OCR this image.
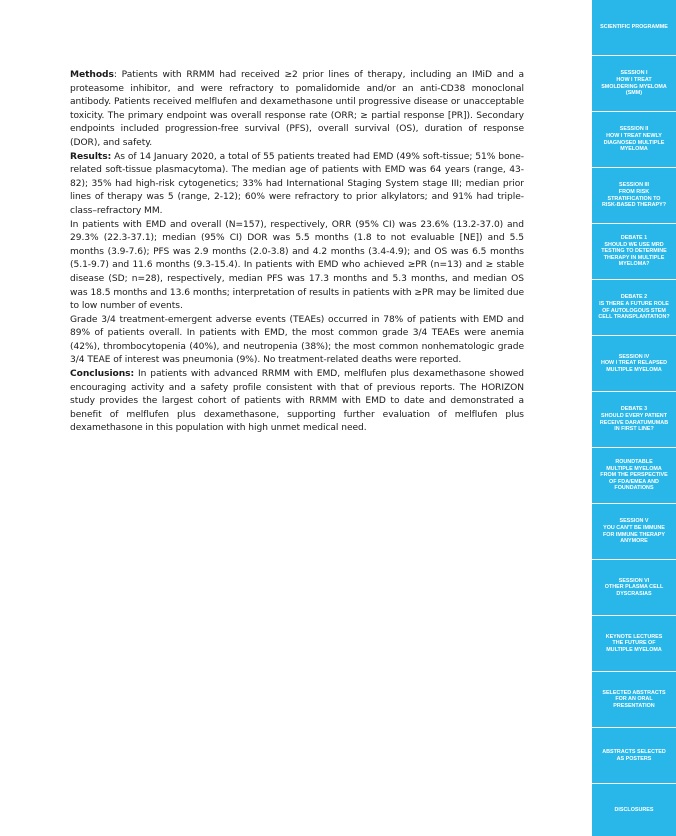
Methods: Patients with RRMM had received ≥2 prior lines of therapy, including an IMiD and a proteasome inhibitor, and were refractory to pomalidomide and/or an anti-CD38 monoclonal antibody. Patients received melflufen and dexamethasone until progressive disease or unacceptable toxicity. The primary endpoint was overall response rate (ORR; ≥ partial response [PR]). Secondary endpoints included progression-free survival (PFS), overall survival (OS), duration of response (DOR), and safety.

Results: As of 14 January 2020, a total of 55 patients treated had EMD (49% soft-tissue; 51% bone-related soft-tissue plasmacytoma). The median age of patients with EMD was 64 years (range, 43-82); 35% had high-risk cytogenetics; 33% had International Staging System stage III; median prior lines of therapy was 5 (range, 2-12); 60% were refractory to prior alkylators; and 91% had triple-class–refractory MM.

In patients with EMD and overall (N=157), respectively, ORR (95% CI) was 23.6% (13.2-37.0) and 29.3% (22.3-37.1); median (95% CI) DOR was 5.5 months (1.8 to not evaluable [NE]) and 5.5 months (3.9-7.6); PFS was 2.9 months (2.0-3.8) and 4.2 months (3.4-4.9); and OS was 6.5 months (5.1-9.7) and 11.6 months (9.3-15.4). In patients with EMD who achieved ≥PR (n=13) and ≥ stable disease (SD; n=28), respectively, median PFS was 17.3 months and 5.3 months, and median OS was 18.5 months and 13.6 months; interpretation of results in patients with ≥PR may be limited due to low number of events.

Grade 3/4 treatment-emergent adverse events (TEAEs) occurred in 78% of patients with EMD and 89% of patients overall. In patients with EMD, the most common grade 3/4 TEAEs were anemia (42%), thrombocytopenia (40%), and neutropenia (38%); the most common nonhematologic grade 3/4 TEAE of interest was pneumonia (9%). No treatment-related deaths were reported.

Conclusions: In patients with advanced RRMM with EMD, melflufen plus dexamethasone showed encouraging activity and a safety profile consistent with that of previous reports. The HORIZON study provides the largest cohort of patients with RRMM with EMD to date and demonstrated a benefit of melflufen plus dexamethasone, supporting further evaluation of melflufen plus dexamethasone in this population with high unmet medical need.

SCIENTIFIC PROGRAMME
SESSION I
HOW I TREAT
SMOLDERING MYELOMA
(SMM)
SESSION II
HOW I TREAT NEWLY
DIAGNOSED MULTIPLE
MYELOMA
SESSION III
FROM RISK
STRATIFICATION TO
RISK-BASED THERAPY?
DEBATE 1
SHOULD WE USE MRD
TESTING TO DETERMINE
THERAPY IN MULTIPLE
MYELOMA?
DEBATE 2
IS THERE A FUTURE ROLE
OF AUTOLOGOUS STEM
CELL TRANSPLANTATION?
SESSION IV
HOW I TREAT RELAPSED
MULTIPLE MYELOMA
DEBATE 3
SHOULD EVERY PATIENT
RECEIVE DARATUMUMAB
IN FIRST LINE?
ROUNDTABLE
MULTIPLE MYELOMA
FROM THE PERSPECTIVE
OF FDA/EMEA AND
FOUNDATIONS
SESSION V
YOU CAN'T BE IMMUNE
FOR IMMUNE THERAPY
ANYMORE
SESSION VI
OTHER PLASMA CELL
DYSCRASIAS
KEYNOTE LECTURES
THE FUTURE OF
MULTIPLE MYELOMA
SELECTED ABSTRACTS
FOR AN ORAL
PRESENTATION
ABSTRACTS SELECTED
AS POSTERS
DISCLOSURES
